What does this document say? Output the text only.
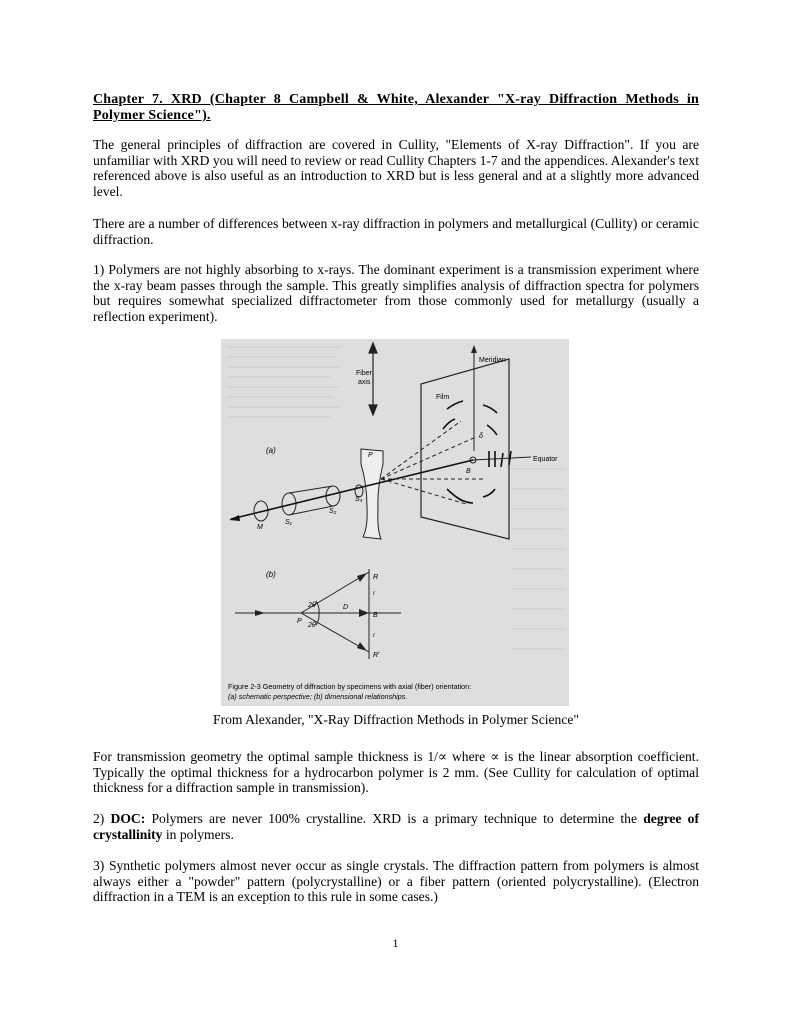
Chapter 7. XRD (Chapter 8 Campbell & White, Alexander "X-ray Diffraction Methods in Polymer Science").
The general principles of diffraction are covered in Cullity, "Elements of X-ray Diffraction". If you are unfamiliar with XRD you will need to review or read Cullity Chapters 1-7 and the appendices. Alexander's text referenced above is also useful as an introduction to XRD but is less general and at a slightly more advanced level.
There are a number of differences between x-ray diffraction in polymers and metallurgical (Cullity) or ceramic diffraction.
1) Polymers are not highly absorbing to x-rays. The dominant experiment is a transmission experiment where the x-ray beam passes through the sample. This greatly simplifies analysis of diffraction spectra for polymers but requires somewhat specialized diffractometer from those commonly used for metallurgy (usually a reflection experiment).
Fiber
axis
Meridian
Film
P
M
S₁
S₂
S₃
Equator
B
δ
(a)
(b)
P
2θ
2θ
D
R
r
B
r
R′
Figure 2-3 Geometry of diffraction by specimens with axial (fiber) orientation:
(a) schematic perspective; (b) dimensional relationships.
From Alexander, "X-Ray Diffraction Methods in Polymer Science"
For transmission geometry the optimal sample thickness is 1/∝ where ∝ is the linear absorption coefficient. Typically the optimal thickness for a hydrocarbon polymer is 2 mm. (See Cullity for calculation of optimal thickness for a diffraction sample in transmission).
2) DOC: Polymers are never 100% crystalline. XRD is a primary technique to determine the degree of crystallinity in polymers.
3) Synthetic polymers almost never occur as single crystals. The diffraction pattern from polymers is almost always either a "powder" pattern (polycrystalline) or a fiber pattern (oriented polycrystalline). (Electron diffraction in a TEM is an exception to this rule in some cases.)
1
